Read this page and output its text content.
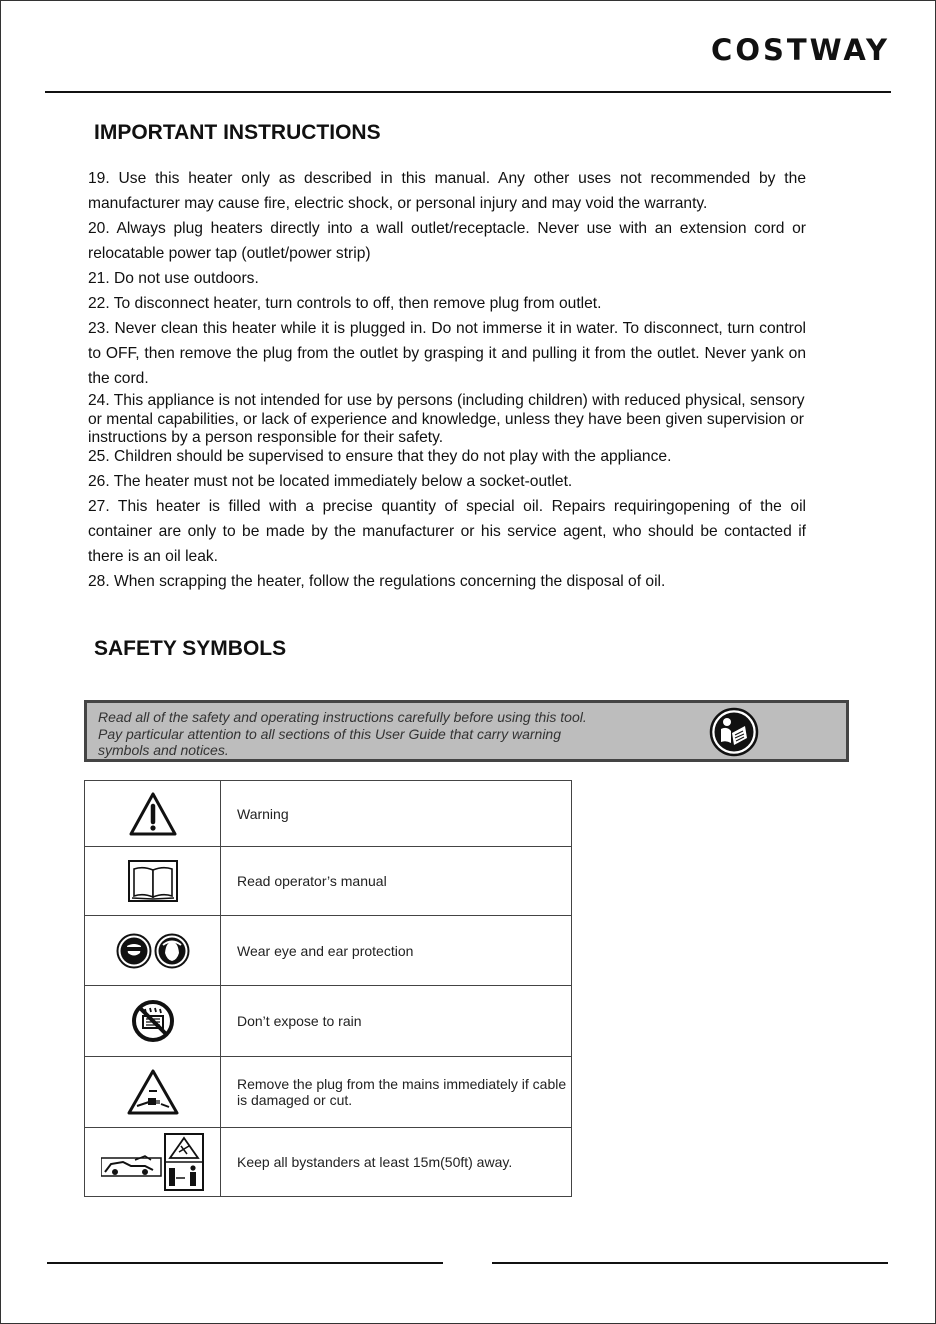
COSTWAY
IMPORTANT INSTRUCTIONS

19. Use this heater only as described in this manual. Any other uses not recommended by the manufacturer may cause fire, electric shock, or personal injury and may void the warranty.

20. Always plug heaters directly into a wall outlet/receptacle. Never use with an extension cord or relocatable power tap (outlet/power strip)

21. Do not use outdoors.

22. To disconnect heater, turn controls to off, then remove plug from outlet.

23. Never clean this heater while it is plugged in. Do not immerse it in water. To disconnect, turn control to OFF, then remove the plug from the outlet by grasping it and pulling it from the outlet. Never yank on the cord.

24. This appliance is not intended for use by persons (including children) with reduced physical, sensory or mental capabilities, or lack of experience and knowledge, unless they have been given supervision or instructions by a person responsible for their safety.

25. Children should be supervised to ensure that they do not play with the appliance.

26. The heater must not be located immediately below a socket-outlet.

27. This heater is filled with a precise quantity of special oil. Repairs requiringopening of the oil container are only to be made by the manufacturer or his service agent, who should be contacted if there is an oil leak.

28. When scrapping the heater, follow the regulations concerning the disposal of oil.

SAFETY SYMBOLS
Read all of the safety and operating instructions carefully before using this tool.
Pay particular attention to all sections of this User Guide that carry warning
symbols and notices.
	Warning
	Read operator’s manual
	Wear eye and ear protection
	Don’t expose to rain
	Remove the plug from the mains immediately if cable is damaged or cut.
	Keep all bystanders at least 15m(50ft) away.
